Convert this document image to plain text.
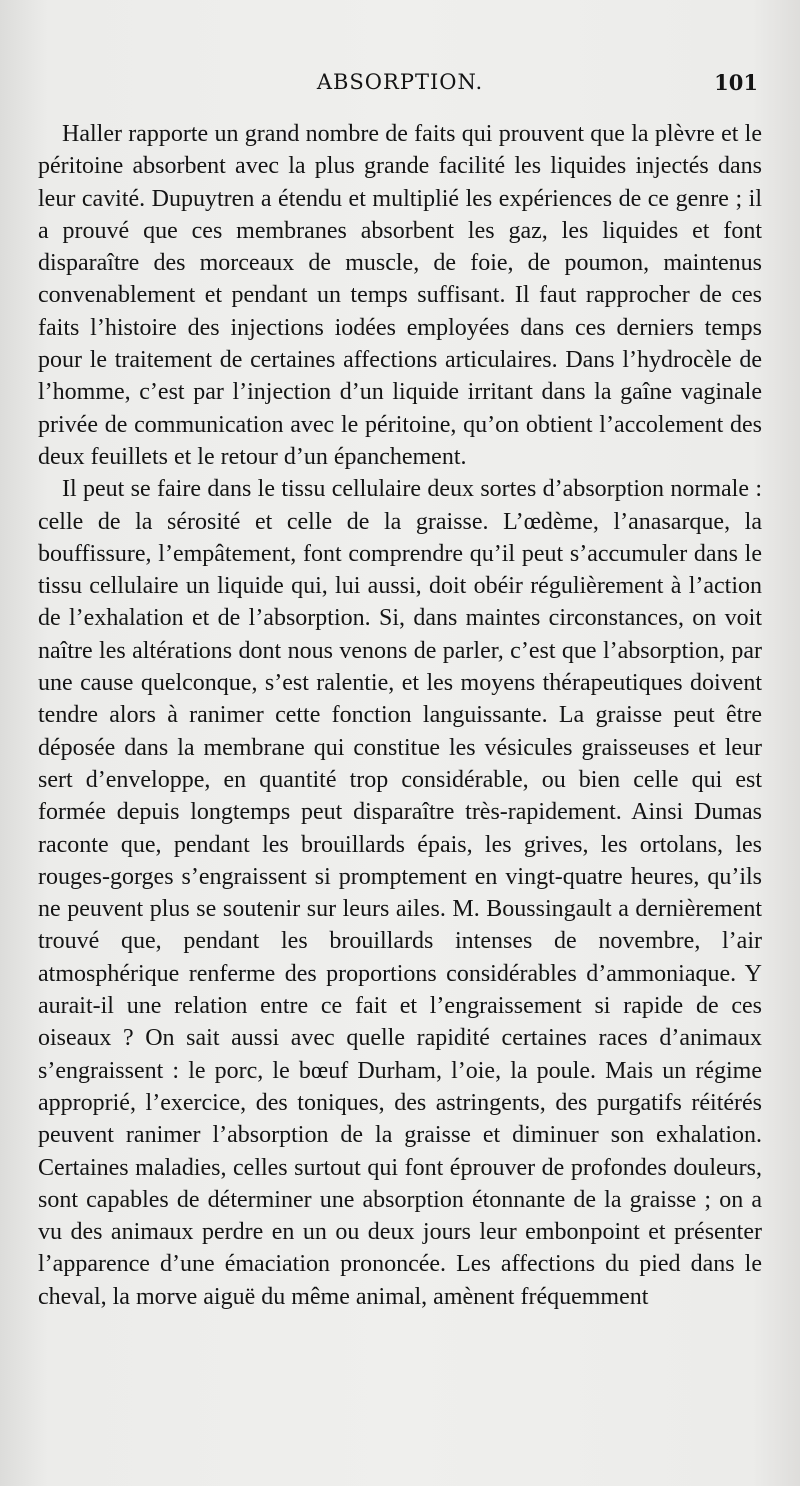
ABSORPTION.	101

Haller rapporte un grand nombre de faits qui prouvent que la plèvre et le péritoine absorbent avec la plus grande facilité les liquides injectés dans leur cavité. Dupuytren a étendu et multiplié les expériences de ce genre ; il a prouvé que ces membranes absorbent les gaz, les liquides et font disparaître des morceaux de muscle, de foie, de poumon, maintenus convenablement et pendant un temps suffisant. Il faut rapprocher de ces faits l’histoire des injections iodées employées dans ces derniers temps pour le traitement de certaines affections articulaires. Dans l’hydrocèle de l’homme, c’est par l’injection d’un liquide irritant dans la gaîne vaginale privée de communication avec le péritoine, qu’on obtient l’accolement des deux feuillets et le retour d’un épanchement.

Il peut se faire dans le tissu cellulaire deux sortes d’absorption normale : celle de la sérosité et celle de la graisse. L’œdème, l’anasarque, la bouffissure, l’empâtement, font comprendre qu’il peut s’accumuler dans le tissu cellulaire un liquide qui, lui aussi, doit obéir régulièrement à l’action de l’exhalation et de l’absorption. Si, dans maintes circonstances, on voit naître les altérations dont nous venons de parler, c’est que l’absorption, par une cause quelconque, s’est ralentie, et les moyens thérapeutiques doivent tendre alors à ranimer cette fonction languissante. La graisse peut être déposée dans la membrane qui constitue les vésicules graisseuses et leur sert d’enveloppe, en quantité trop considérable, ou bien celle qui est formée depuis longtemps peut disparaître très-rapidement. Ainsi Dumas raconte que, pendant les brouillards épais, les grives, les ortolans, les rouges-gorges s’engraissent si promptement en vingt-quatre heures, qu’ils ne peuvent plus se soutenir sur leurs ailes. M. Boussingault a dernièrement trouvé que, pendant les brouillards intenses de novembre, l’air atmosphérique renferme des proportions considérables d’ammoniaque. Y aurait-il une relation entre ce fait et l’engraissement si rapide de ces oiseaux ? On sait aussi avec quelle rapidité certaines races d’animaux s’engraissent : le porc, le bœuf Durham, l’oie, la poule. Mais un régime approprié, l’exercice, des toniques, des astringents, des purgatifs réitérés peuvent ranimer l’absorption de la graisse et diminuer son exhalation. Certaines maladies, celles surtout qui font éprouver de profondes douleurs, sont capables de déterminer une absorption étonnante de la graisse ; on a vu des animaux perdre en un ou deux jours leur embonpoint et présenter l’apparence d’une émaciation prononcée. Les affections du pied dans le cheval, la morve aiguë du même animal, amènent fréquemment
